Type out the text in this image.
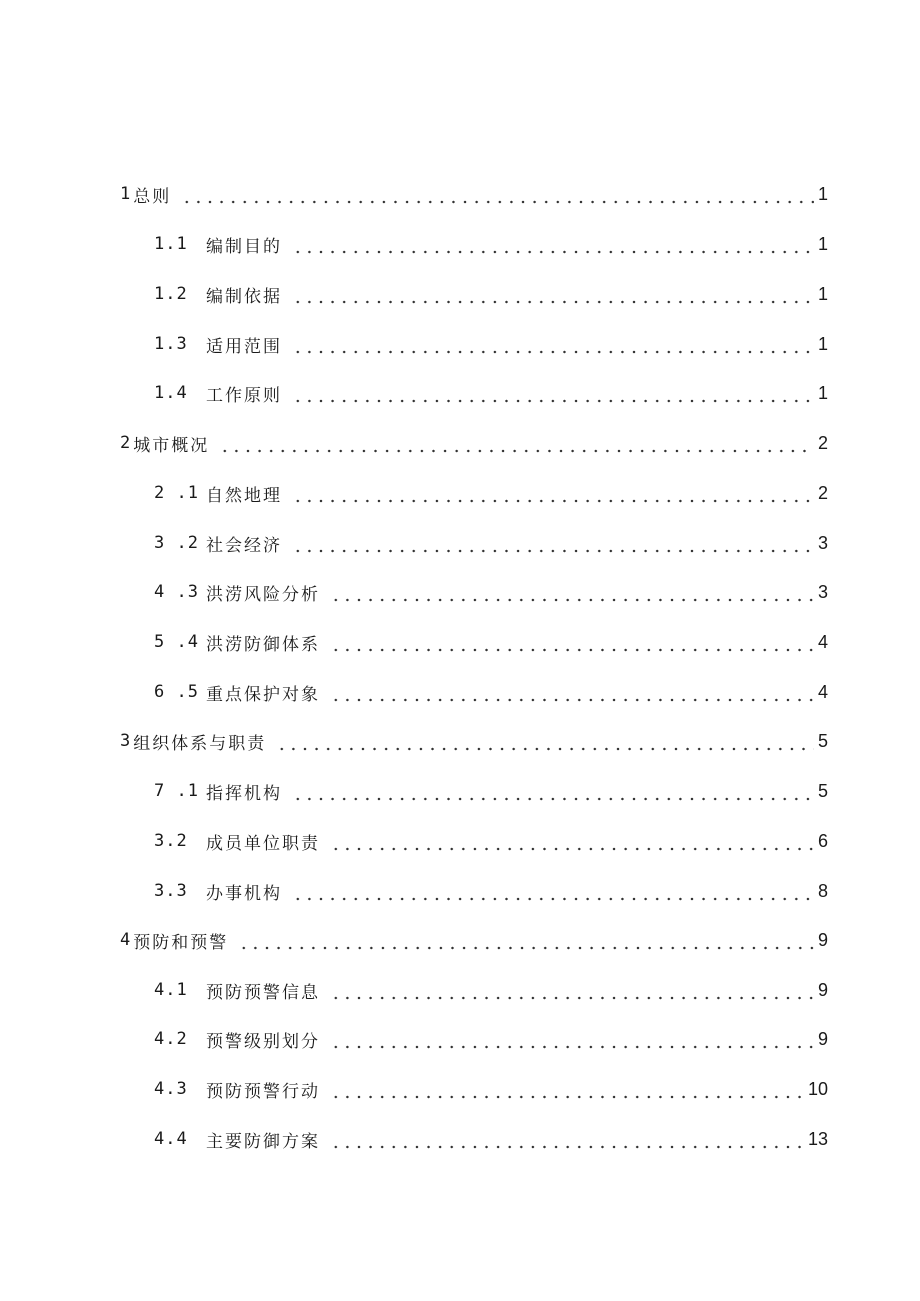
1 总则	1
1.1	编制目的	1
1.2	编制依据	1
1.3	适用范围	1
1.4	工作原则	1
2 城市概况	2
2 .1 自然地理	2
3 .2 社会经济	3
4 .3 洪涝风险分析	3
5 .4 洪涝防御体系	4
6 .5 重点保护对象	4
3 组织体系与职责	5
7 .1 指挥机构	5
3.2	成员单位职责	6
3.3	办事机构	8
4 预防和预警	9
4.1	预防预警信息	9
4.2	预警级别划分	9
4.3	预防预警行动	10
4.4	主要防御方案	13
